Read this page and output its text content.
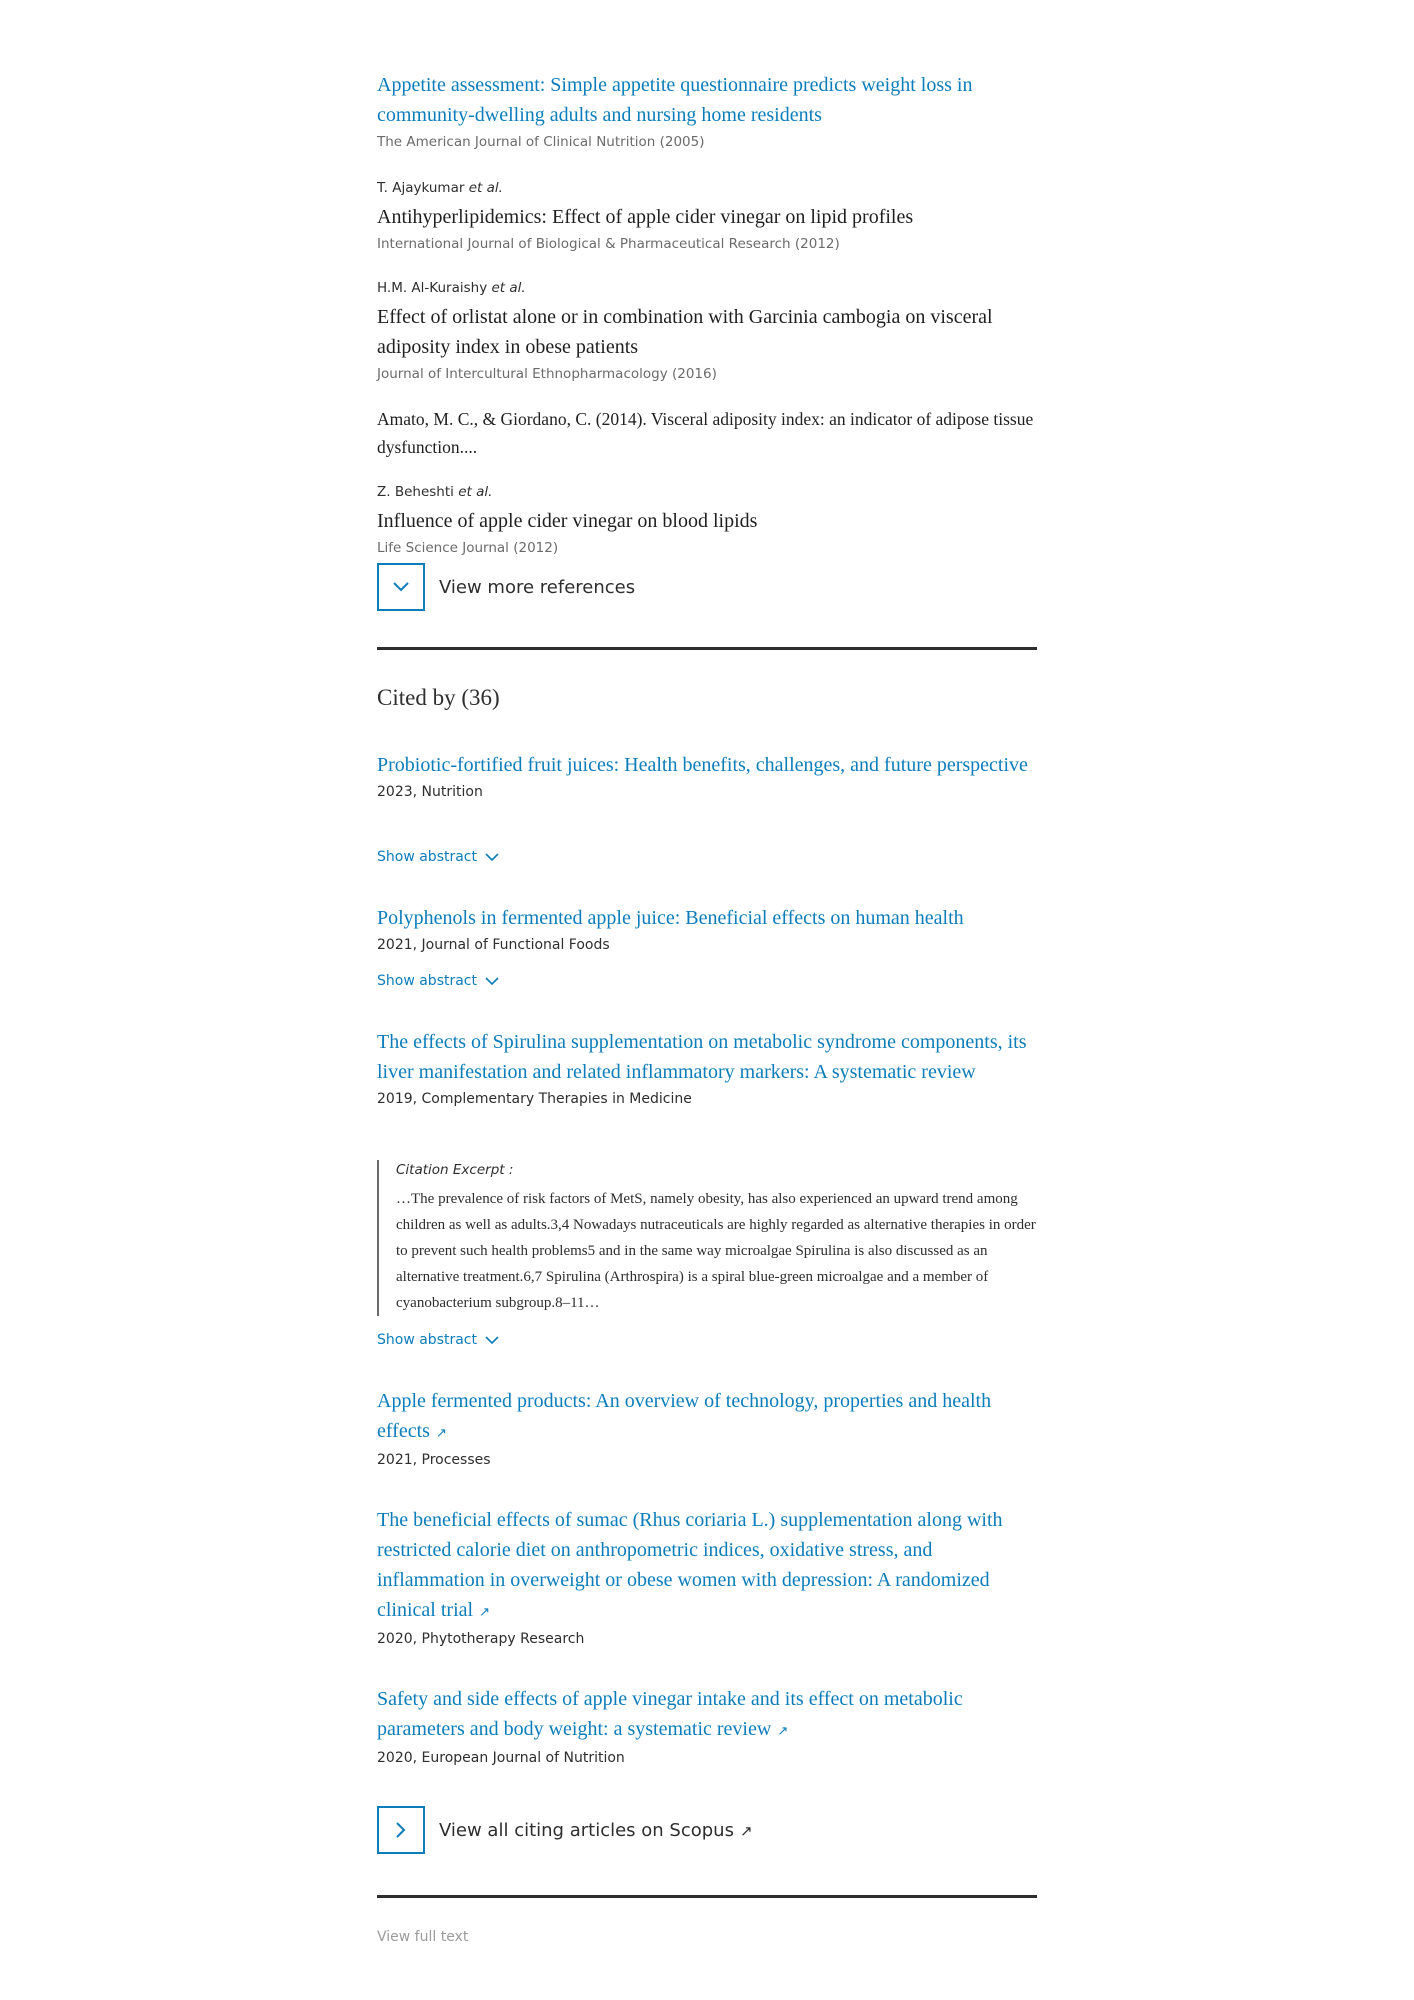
Appetite assessment: Simple appetite questionnaire predicts weight loss in community-dwelling adults and nursing home residents
The American Journal of Clinical Nutrition (2005)
T. Ajaykumar et al.
Antihyperlipidemics: Effect of apple cider vinegar on lipid profiles
International Journal of Biological & Pharmaceutical Research (2012)
H.M. Al-Kuraishy et al.
Effect of orlistat alone or in combination with Garcinia cambogia on visceral adiposity index in obese patients
Journal of Intercultural Ethnopharmacology (2016)
Amato, M. C., & Giordano, C. (2014). Visceral adiposity index: an indicator of adipose tissue dysfunction....
Z. Beheshti et al.
Influence of apple cider vinegar on blood lipids
Life Science Journal (2012)
View more references
Cited by (36)
Probiotic-fortified fruit juices: Health benefits, challenges, and future perspective
2023, Nutrition
Show abstract
Polyphenols in fermented apple juice: Beneficial effects on human health
2021, Journal of Functional Foods
Show abstract
The effects of Spirulina supplementation on metabolic syndrome components, its liver manifestation and related inflammatory markers: A systematic review
2019, Complementary Therapies in Medicine
Citation Excerpt :
…The prevalence of risk factors of MetS, namely obesity, has also experienced an upward trend among children as well as adults.3,4 Nowadays nutraceuticals are highly regarded as alternative therapies in order to prevent such health problems5 and in the same way microalgae Spirulina is also discussed as an alternative treatment.6,7 Spirulina (Arthrospira) is a spiral blue-green microalgae and a member of cyanobacterium subgroup.8–11…
Show abstract
Apple fermented products: An overview of technology, properties and health effects ↗
2021, Processes
The beneficial effects of sumac (Rhus coriaria L.) supplementation along with restricted calorie diet on anthropometric indices, oxidative stress, and inflammation in overweight or obese women with depression: A randomized clinical trial ↗
2020, Phytotherapy Research
Safety and side effects of apple vinegar intake and its effect on metabolic parameters and body weight: a systematic review ↗
2020, European Journal of Nutrition
View all citing articles on Scopus ↗
View full text
